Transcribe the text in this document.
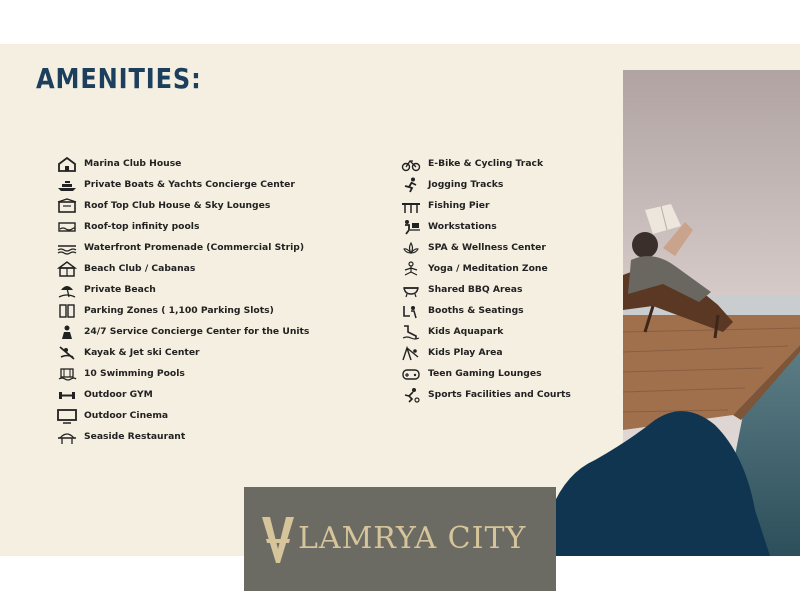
AMENITIES:
Marina Club House
Private Boats & Yachts Concierge Center
Roof Top Club House & Sky Lounges
Roof-top infinity pools
Waterfront Promenade (Commercial Strip)
Beach Club / Cabanas
Private Beach
Parking Zones ( 1,100 Parking Slots)
24/7 Service Concierge Center for the Units
Kayak & Jet ski Center
10 Swimming Pools
Outdoor GYM
Outdoor Cinema
Seaside Restaurant
E-Bike & Cycling Track
Jogging Tracks
Fishing Pier
Workstations
SPA & Wellness Center
Yoga / Meditation Zone
Shared BBQ Areas
Booths & Seatings
Kids Aquapark
Kids Play Area
Teen Gaming Lounges
Sports Facilities and Courts
LAMRYA CITY
